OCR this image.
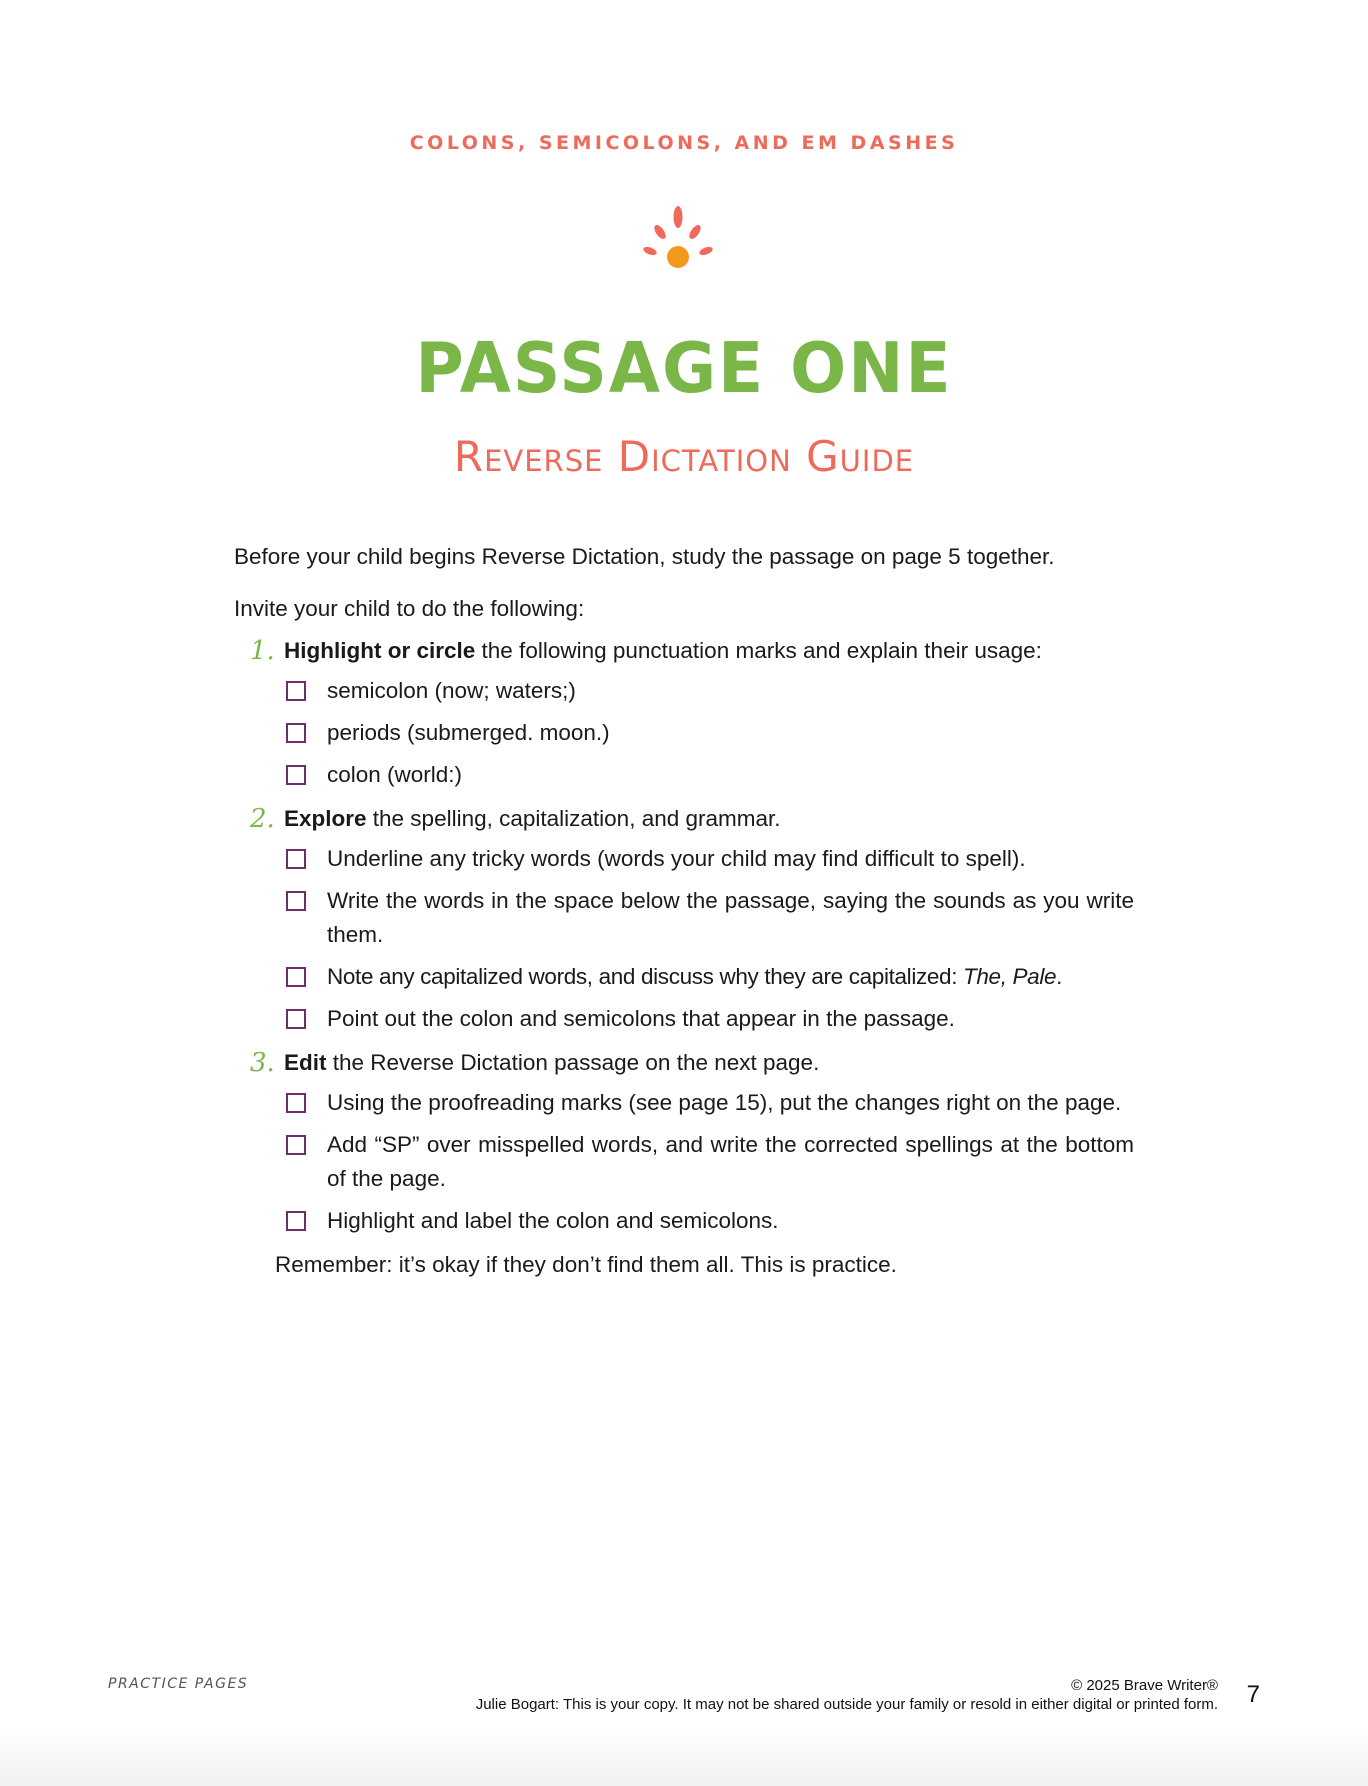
COLONS, SEMICOLONS, AND EM DASHES
PASSAGE ONE
Reverse Dictation Guide

Before your child begins Reverse Dictation, study the passage on page 5 together.

Invite your child to do the following:

1. Highlight or circle the following punctuation marks and explain their usage:
semicolon (now; waters;)
periods (submerged. moon.)
colon (world:)
2. Explore the spelling, capitalization, and grammar.
Underline any tricky words (words your child may find difficult to spell).
Write the words in the space below the passage, saying the sounds as you write them.
Note any capitalized words, and discuss why they are capitalized: The, Pale.
Point out the colon and semicolons that appear in the passage.
3. Edit the Reverse Dictation passage on the next page.
Using the proofreading marks (see page 15), put the changes right on the page.
Add “SP” over misspelled words, and write the corrected spellings at the bottom of the page.
Highlight and label the colon and semicolons.

Remember: it’s okay if they don’t find them all. This is practice.

PRACTICE PAGES	© 2025 Brave Writer®
Julie Bogart: This is your copy. It may not be shared outside your family or resold in either digital or printed form. 7
